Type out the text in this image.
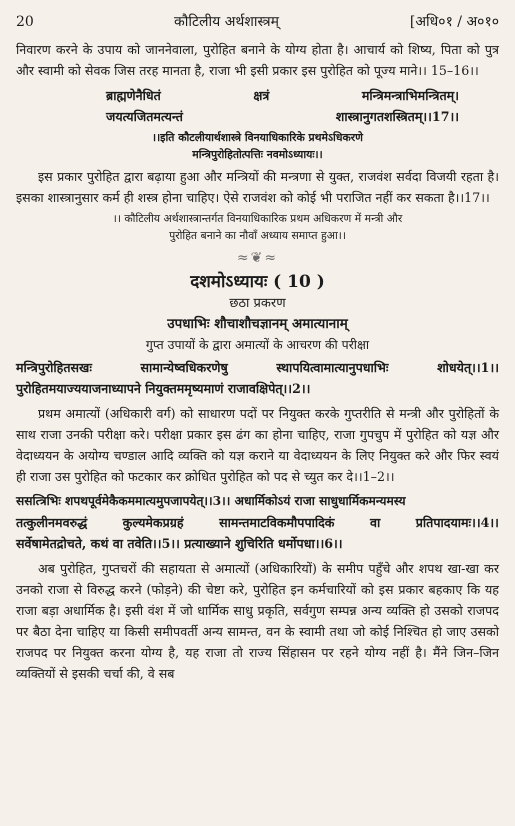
20	कौटिलीय अर्थशास्त्रम्	[अधि०१ / अ०१०

निवारण करने के उपाय को जाननेवाला, पुरोहित बनाने के योग्य होता है। आचार्य को शिष्य, पिता को पुत्र और स्वामी को सेवक जिस तरह मानता है, राजा भी इसी प्रकार इस पुरोहित को पूज्य माने।। 15–16।।

ब्राह्मणेनैधितं	क्षत्रं	मन्त्रिमन्त्राभिमन्त्रितम्।
जयत्यजितमत्यन्तं	शास्त्रानुगतशस्त्रितम्।।17।।
।।इति कौटलीयार्थशास्त्रे विनयाधिकारिके प्रथमेऽधिकरणे
मन्त्रिपुरोहितोत्पत्तिः नवमोऽध्यायः।।

इस प्रकार पुरोहित द्वारा बढ़ाया हुआ और मन्त्रियों की मन्त्रणा से युक्त, राजवंश सर्वदा विजयी रहता है। इसका शास्त्रानुसार कर्म ही शस्त्र होना चाहिए। ऐसे राजवंश को कोई भी पराजित नहीं कर सकता है।।17।।

।। कौटिलीय अर्थशास्त्रान्तर्गत विनयाधिकारिक प्रथम अधिकरण में मन्त्री और
पुरोहित बनाने का नौवाँ अध्याय समाप्त हुआ।।
≈❦≈
दशमोऽध्यायः ( 10 )
छठा प्रकरण
उपधाभिः शौचाशौचज्ञानम् अमात्यानाम्
गुप्त उपायों के द्वारा अमात्यों के आचरण की परीक्षा
मन्त्रिपुरोहितसखः	सामान्येष्वधिकरणेषु	स्थापयित्वामात्यानुपधाभिः	शोधयेत्।।1।।
पुरोहितमयाज्ययाजनाध्यापने नियुक्तममृष्यमाणं राजावक्षिपेत्।।2।।

प्रथम अमात्यों (अधिकारी वर्ग) को साधारण पदों पर नियुक्त करके गुप्तरीति से मन्त्री और पुरोहितों के साथ राजा उनकी परीक्षा करे। परीक्षा प्रकार इस ढंग का होना चाहिए, राजा गुपचुप में पुरोहित को यज्ञ और वेदाध्ययन के अयोग्य चण्डाल आदि व्यक्ति को यज्ञ कराने या वेदाध्ययन के लिए नियुक्त करे और फिर स्वयं ही राजा उस पुरोहित को फटकार कर क्रोधित पुरोहित को पद से च्युत कर दे।।1–2।।

ससत्त्रिभिः शपथपूर्वमेकैकममात्यमुपजापयेत्।।3।। अधार्मिकोऽयं राजा साधुधार्मिकमन्यमस्य
तत्कुलीनमवरुद्धं	कुल्यमेकप्रग्रहं	सामन्तमाटविकमौपपादिकं	वा	प्रतिपादयामः।।4।।
सर्वेषामेतद्रोचते, कथं वा तवेति।।5।। प्रत्याख्याने शुचिरिति धर्मोपधा।।6।।

अब पुरोहित, गुप्तचरों की सहायता से अमात्यों (अधिकारियों) के समीप पहुँचे और शपथ खा-खा कर उनको राजा से विरुद्ध करने (फोड़ने) की चेष्टा करे, पुरोहित इन कर्मचारियों को इस प्रकार बहकाए कि यह राजा बड़ा अधार्मिक है। इसी वंश में जो धार्मिक साधु प्रकृति, सर्वगुण सम्पन्न अन्य व्यक्ति हो उसको राजपद पर बैठा देना चाहिए या किसी समीपवर्ती अन्य सामन्त, वन के स्वामी तथा जो कोई निश्चित हो जाए उसको राजपद पर नियुक्त करना योग्य है, यह राजा तो राज्य सिंहासन पर रहने योग्य नहीं है। मैंने जिन–जिन व्यक्तियों से इसकी चर्चा की, वे सब
